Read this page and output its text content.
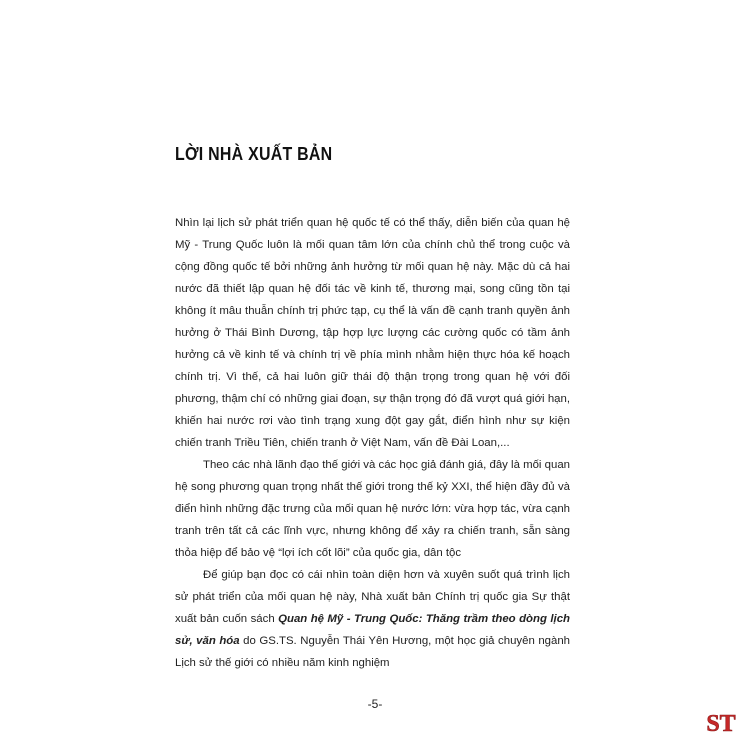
LỜI NHÀ XUẤT BẢN

Nhìn lại lịch sử phát triển quan hệ quốc tế có thể thấy, diễn biến của quan hệ Mỹ - Trung Quốc luôn là mối quan tâm lớn của chính chủ thể trong cuộc và cộng đồng quốc tế bởi những ảnh hưởng từ mối quan hệ này. Mặc dù cả hai nước đã thiết lập quan hệ đối tác về kinh tế, thương mại, song cũng tồn tại không ít mâu thuẫn chính trị phức tạp, cụ thể là vấn đề cạnh tranh quyền ảnh hưởng ở Thái Bình Dương, tập hợp lực lượng các cường quốc có tầm ảnh hưởng cả về kinh tế và chính trị về phía mình nhằm hiện thực hóa kế hoạch chính trị. Vì thế, cả hai luôn giữ thái độ thận trọng trong quan hệ với đối phương, thậm chí có những giai đoạn, sự thận trọng đó đã vượt quá giới hạn, khiến hai nước rơi vào tình trạng xung đột gay gắt, điển hình như sự kiện chiến tranh Triều Tiên, chiến tranh ở Việt Nam, vấn đề Đài Loan,...

Theo các nhà lãnh đạo thế giới và các học giả đánh giá, đây là mối quan hệ song phương quan trọng nhất thế giới trong thế kỷ XXI, thể hiện đầy đủ và điển hình những đặc trưng của mối quan hệ nước lớn: vừa hợp tác, vừa cạnh tranh trên tất cả các lĩnh vực, nhưng không để xảy ra chiến tranh, sẵn sàng thỏa hiệp để bảo vệ “lợi ích cốt lõi” của quốc gia, dân tộc

Để giúp bạn đọc có cái nhìn toàn diện hơn và xuyên suốt quá trình lịch sử phát triển của mối quan hệ này, Nhà xuất bản Chính trị quốc gia Sự thật xuất bản cuốn sách Quan hệ Mỹ - Trung Quốc: Thăng trầm theo dòng lịch sử, văn hóa do GS.TS. Nguyễn Thái Yên Hương, một học giả chuyên ngành Lịch sử thế giới có nhiều năm kinh nghiệm

-5-
ST
